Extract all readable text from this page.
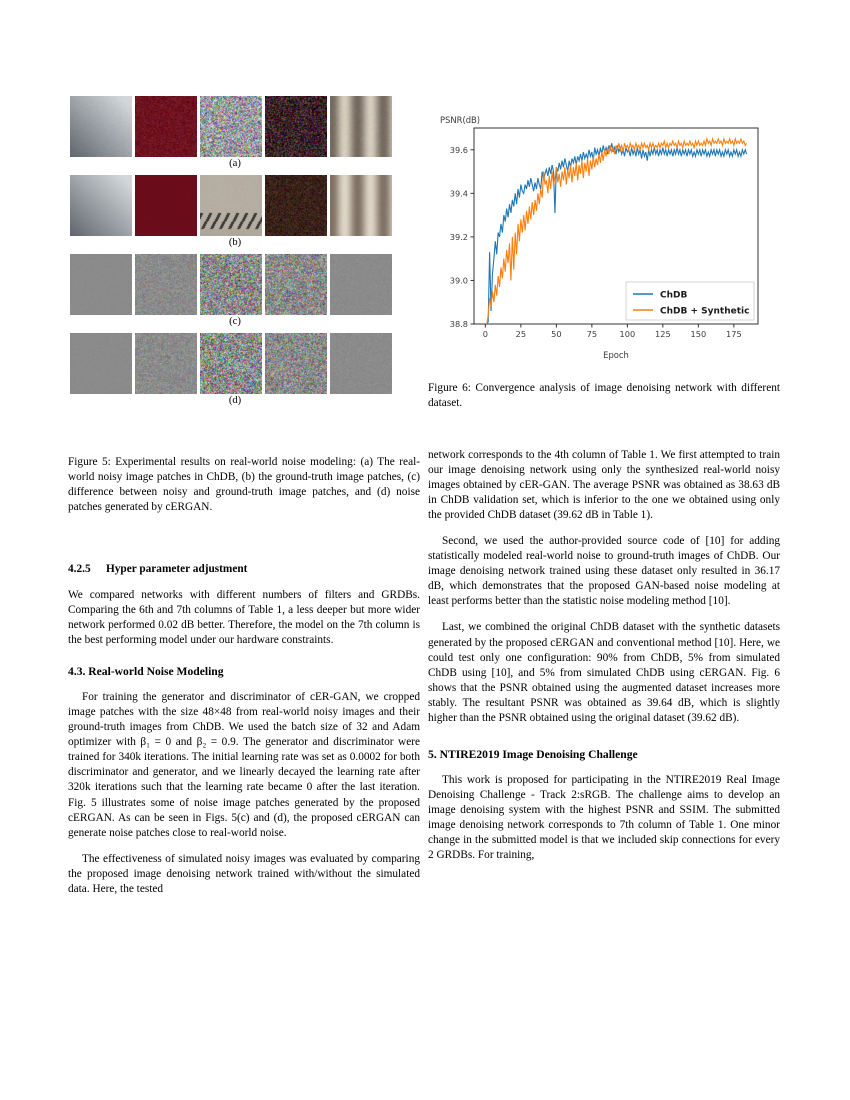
(a)
(b)
(c)
(d)
PSNR(dB)
38.8
39.0
39.2
39.4
39.6
0	25	50	75	100 125 150 175
Epoch
ChDB
ChDB + Synthetic

Figure 6: Convergence analysis of image denoising network with different dataset.

Figure 5: Experimental results on real-world noise modeling: (a) The real-world noisy image patches in ChDB, (b) the ground-truth image patches, (c) difference between noisy and ground-truth image patches, and (d) noise patches generated by cERGAN.

4.2.5 Hyper parameter adjustment

We compared networks with different numbers of filters and GRDBs. Comparing the 6th and 7th columns of Table 1, a less deeper but more wider network performed 0.02 dB better. Therefore, the model on the 7th column is the best performing model under our hardware constraints.

4.3. Real-world Noise Modeling

For training the generator and discriminator of cER-GAN, we cropped image patches with the size 48×48 from real-world noisy images and their ground-truth images from ChDB. We used the batch size of 32 and Adam optimizer with β₁ = 0 and β₂ = 0.9. The generator and discriminator were trained for 340k iterations. The initial learning rate was set as 0.0002 for both discriminator and generator, and we linearly decayed the learning rate after 320k iterations such that the learning rate became 0 after the last iteration. Fig. 5 illustrates some of noise image patches generated by the proposed cERGAN. As can be seen in Figs. 5(c) and (d), the proposed cERGAN can generate noise patches close to real-world noise.

The effectiveness of simulated noisy images was evaluated by comparing the proposed image denoising network trained with/without the simulated data. Here, the tested

network corresponds to the 4th column of Table 1. We first attempted to train our image denoising network using only the synthesized real-world noisy images obtained by cER-GAN. The average PSNR was obtained as 38.63 dB in ChDB validation set, which is inferior to the one we obtained using only the provided ChDB dataset (39.62 dB in Table 1).

Second, we used the author-provided source code of [10] for adding statistically modeled real-world noise to ground-truth images of ChDB. Our image denoising network trained using these dataset only resulted in 36.17 dB, which demonstrates that the proposed GAN-based noise modeling at least performs better than the statistic noise modeling method [10].

Last, we combined the original ChDB dataset with the synthetic datasets generated by the proposed cERGAN and conventional method [10]. Here, we could test only one configuration: 90% from ChDB, 5% from simulated ChDB using [10], and 5% from simulated ChDB using cERGAN. Fig. 6 shows that the PSNR obtained using the augmented dataset increases more stably. The resultant PSNR was obtained as 39.64 dB, which is slightly higher than the PSNR obtained using the original dataset (39.62 dB).

5. NTIRE2019 Image Denoising Challenge

This work is proposed for participating in the NTIRE2019 Real Image Denoising Challenge - Track 2:sRGB. The challenge aims to develop an image denoising system with the highest PSNR and SSIM. The submitted image denoising network corresponds to 7th column of Table 1. One minor change in the submitted model is that we included skip connections for every 2 GRDBs. For training,
